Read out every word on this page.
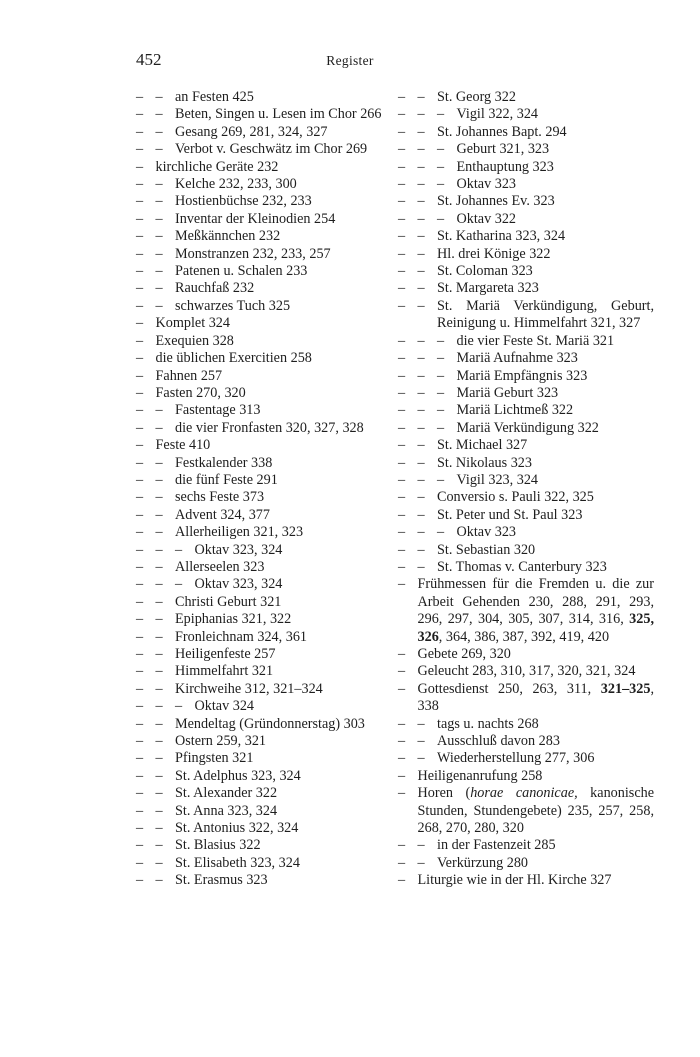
452	Register
– – an Festen 425
– – Beten, Singen u. Lesen im Chor 266
– – Gesang 269, 281, 324, 327
– – Verbot v. Geschwätz im Chor 269
– kirchliche Geräte 232
– – Kelche 232, 233, 300
– – Hostienbüchse 232, 233
– – Inventar der Kleinodien 254
– – Meßkännchen 232
– – Monstranzen 232, 233, 257
– – Patenen u. Schalen 233
– – Rauchfaß 232
– – schwarzes Tuch 325
– Komplet 324
– Exequien 328
– die üblichen Exercitien 258
– Fahnen 257
– Fasten 270, 320
– – Fastentage 313
– – die vier Fronfasten 320, 327, 328
– Feste 410
– – Festkalender 338
– – die fünf Feste 291
– – sechs Feste 373
– – Advent 324, 377
– – Allerheiligen 321, 323
– – – Oktav 323, 324
– – Allerseelen 323
– – – Oktav 323, 324
– – Christi Geburt 321
– – Epiphanias 321, 322
– – Fronleichnam 324, 361
– – Heiligenfeste 257
– – Himmelfahrt 321
– – Kirchweihe 312, 321–324
– – – Oktav 324
– – Mendeltag (Gründonnerstag) 303
– – Ostern 259, 321
– – Pfingsten 321
– – St. Adelphus 323, 324
– – St. Alexander 322
– – St. Anna 323, 324
– – St. Antonius 322, 324
– – St. Blasius 322
– – St. Elisabeth 323, 324
– – St. Erasmus 323
– – St. Georg 322
– – – Vigil 322, 324
– – St. Johannes Bapt. 294
– – – Geburt 321, 323
– – – Enthauptung 323
– – – Oktav 323
– – St. Johannes Ev. 323
– – – Oktav 322
– – St. Katharina 323, 324
– – Hl. drei Könige 322
– – St. Coloman 323
– – St. Margareta 323
– – St. Mariä Verkündigung, Geburt, Reinigung u. Himmelfahrt 321, 327
– – – die vier Feste St. Mariä 321
– – – Mariä Aufnahme 323
– – – Mariä Empfängnis 323
– – – Mariä Geburt 323
– – – Mariä Lichtmeß 322
– – – Mariä Verkündigung 322
– – St. Michael 327
– – St. Nikolaus 323
– – – Vigil 323, 324
– – Conversio s. Pauli 322, 325
– – St. Peter und St. Paul 323
– – – Oktav 323
– – St. Sebastian 320
– – St. Thomas v. Canterbury 323
– Frühmessen für die Fremden u. die zur Arbeit Gehenden 230, 288, 291, 293, 296, 297, 304, 305, 307, 314, 316, 325, 326, 364, 386, 387, 392, 419, 420
– Gebete 269, 320
– Geleucht 283, 310, 317, 320, 321, 324
– Gottesdienst 250, 263, 311, 321–325, 338
– – tags u. nachts 268
– – Ausschluß davon 283
– – Wiederherstellung 277, 306
– Heiligenanrufung 258
– Horen (horae canonicae, kanonische Stunden, Stundengebete) 235, 257, 258, 268, 270, 280, 320
– – in der Fastenzeit 285
– – Verkürzung 280
– Liturgie wie in der Hl. Kirche 327
